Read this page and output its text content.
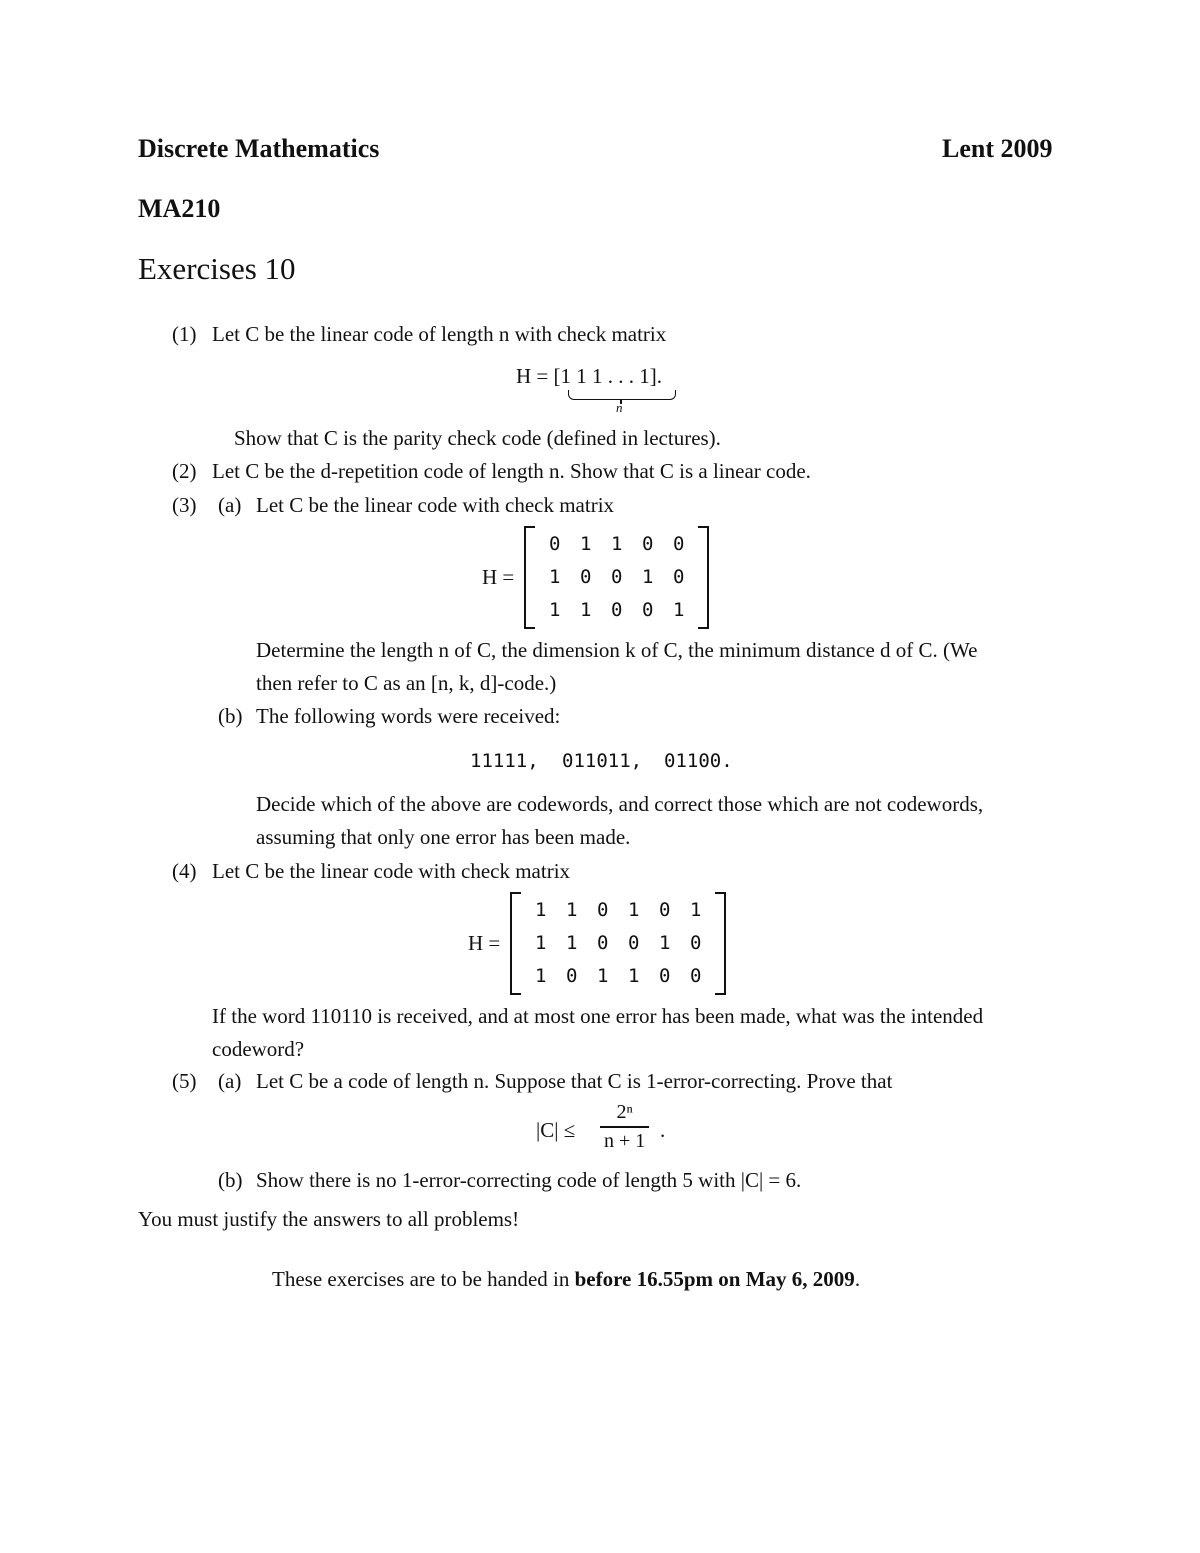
Discrete Mathematics	Lent 2009
MA210
Exercises 10
(1) Let C be the linear code of length n with check matrix
H = [1 1 1 . . . 1].
n
Show that C is the parity check code (defined in lectures).
(2) Let C be the d-repetition code of length n. Show that C is a linear code.
(3) (a) Let C be the linear code with check matrix
H =
0	1	1	0	0
1	0	0	1	0
1	1	0	0	1
Determine the length n of C, the dimension k of C, the minimum distance d of C. (We
then refer to C as an [n, k, d]-code.)
(b) The following words were received:
11111, 011011, 01100.
Decide which of the above are codewords, and correct those which are not codewords,
assuming that only one error has been made.
(4) Let C be the linear code with check matrix
H =
1	1	0	1	0	1
1	1	0	0	1	0
1	0	1	1	0	0
If the word 110110 is received, and at most one error has been made, what was the intended
codeword?
(5) (a) Let C be a code of length n. Suppose that C is 1-error-correcting. Prove that
|C| ≤
2ⁿ
n + 1 .
(b) Show there is no 1-error-correcting code of length 5 with |C| = 6.
You must justify the answers to all problems!
These exercises are to be handed in before 16.55pm on May 6, 2009.
